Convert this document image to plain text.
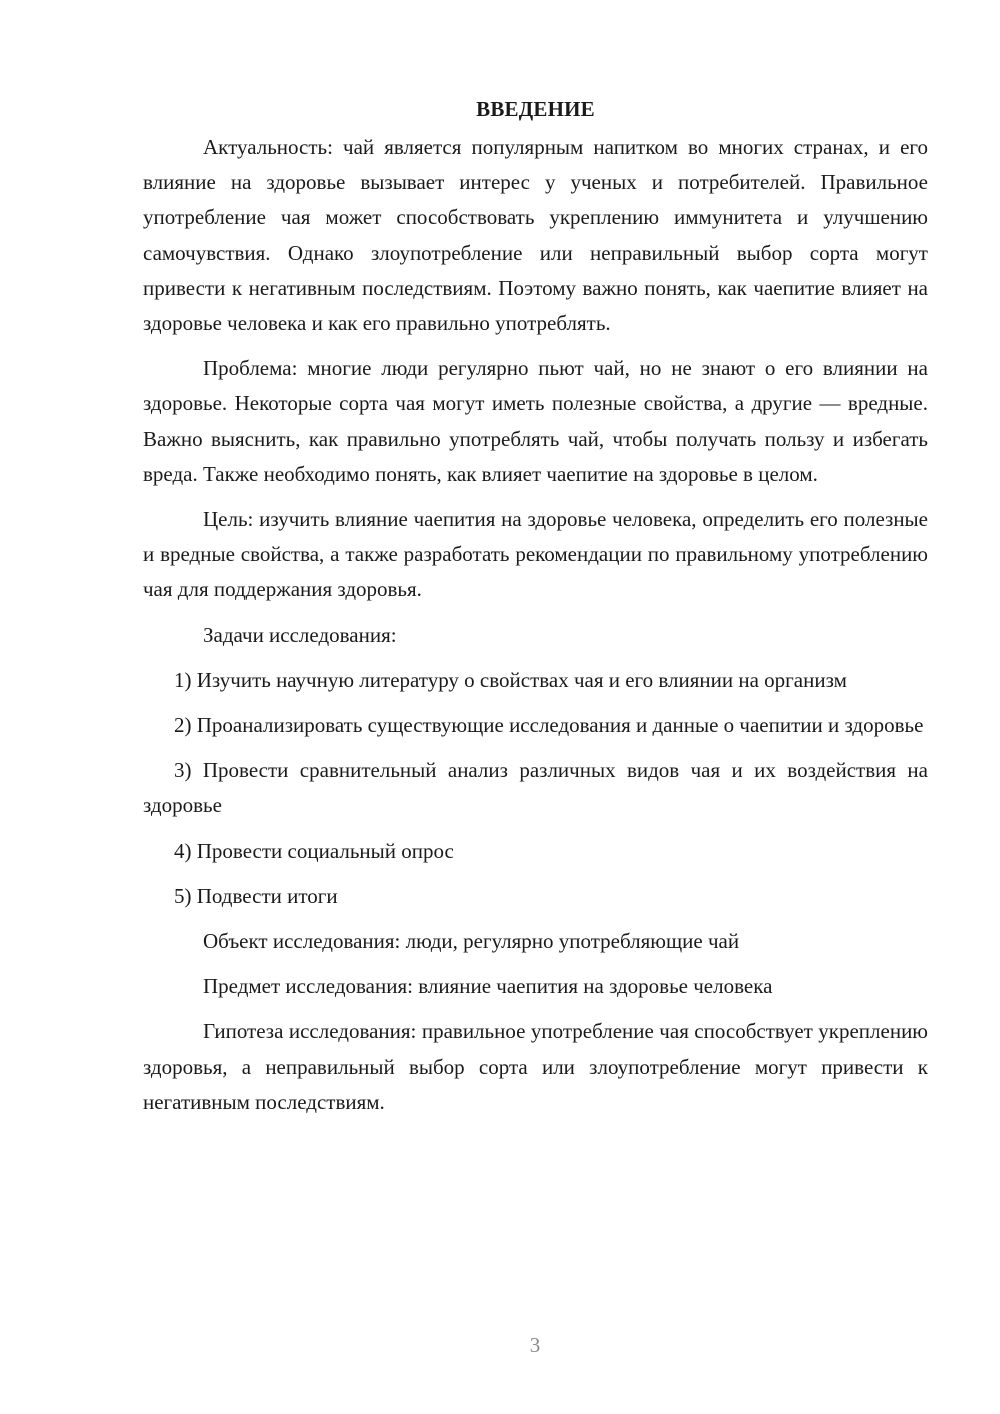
ВВЕДЕНИЕ

Актуальность: чай является популярным напитком во многих странах, и его влияние на здоровье вызывает интерес у ученых и потребителей. Правильное употребление чая может способствовать укреплению иммунитета и улучшению самочувствия. Однако злоупотребление или неправильный выбор сорта могут привести к негативным последствиям. Поэтому важно понять, как чаепитие влияет на здоровье человека и как его правильно употреблять.

Проблема: многие люди регулярно пьют чай, но не знают о его влиянии на здоровье. Некоторые сорта чая могут иметь полезные свойства, а другие — вредные. Важно выяснить, как правильно употреблять чай, чтобы получать пользу и избегать вреда. Также необходимо понять, как влияет чаепитие на здоровье в целом.

Цель: изучить влияние чаепития на здоровье человека, определить его полезные и вредные свойства, а также разработать рекомендации по правильному употреблению чая для поддержания здоровья.

Задачи исследования:

1) Изучить научную литературу о свойствах чая и его влиянии на организм

2) Проанализировать существующие исследования и данные о чаепитии и здоровье

3) Провести сравнительный анализ различных видов чая и их воздействия на здоровье

4) Провести социальный опрос

5) Подвести итоги

Объект исследования: люди, регулярно употребляющие чай

Предмет исследования: влияние чаепития на здоровье человека

Гипотеза исследования: правильное употребление чая способствует укреплению здоровья, а неправильный выбор сорта или злоупотребление могут привести к негативным последствиям.

3
